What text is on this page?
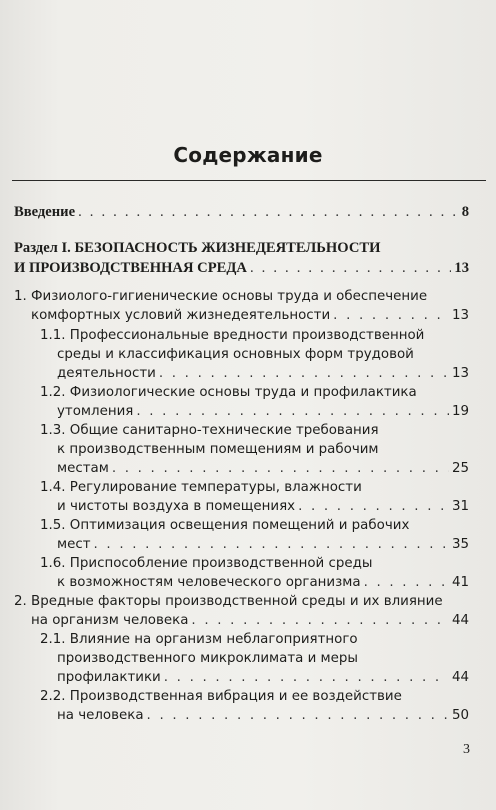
Содержание
Введение . . .	8
Раздел I. БЕЗОПАСНОСТЬ ЖИЗНЕДЕЯТЕЛЬНОСТИ
И ПРОИЗВОДСТВЕННАЯ СРЕДА . . .	13
1. Физиолого-гигиенические основы труда и обеспечение
комфортных условий жизнедеятельности . . .	13
1.1. Профессиональные вредности производственной
среды и классификация основных форм трудовой
деятельности . . .	13
1.2. Физиологические основы труда и профилактика
утомления . . .	19
1.3. Общие санитарно-технические требования
к производственным помещениям и рабочим
местам . . .	25
1.4. Регулирование температуры, влажности
и чистоты воздуха в помещениях . . .	31
1.5. Оптимизация освещения помещений и рабочих
мест . . .	35
1.6. Приспособление производственной среды
к возможностям человеческого организма . . .	41
2. Вредные факторы производственной среды и их влияние
на организм человека . . .	44
2.1. Влияние на организм неблагоприятного
производственного микроклимата и меры
профилактики . . .	44
2.2. Производственная вибрация и ее воздействие
на человека . . .	50
3
